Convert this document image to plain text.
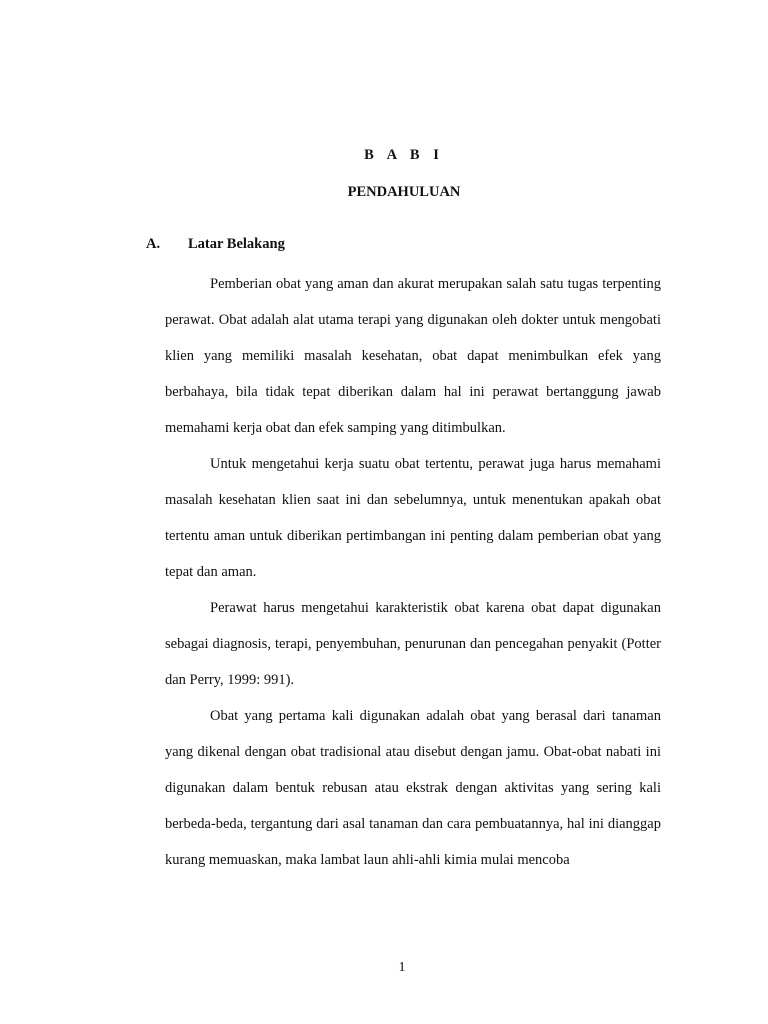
B A B I
PENDAHULUAN
A. Latar Belakang

Pemberian obat yang aman dan akurat merupakan salah satu tugas terpenting perawat. Obat adalah alat utama terapi yang digunakan oleh dokter untuk mengobati klien yang memiliki masalah kesehatan, obat dapat menimbulkan efek yang berbahaya, bila tidak tepat diberikan dalam hal ini perawat bertanggung jawab memahami kerja obat dan efek samping yang ditimbulkan.

Untuk mengetahui kerja suatu obat tertentu, perawat juga harus memahami masalah kesehatan klien saat ini dan sebelumnya, untuk menentukan apakah obat tertentu aman untuk diberikan pertimbangan ini penting dalam pemberian obat yang tepat dan aman.

Perawat harus mengetahui karakteristik obat karena obat dapat digunakan sebagai diagnosis, terapi, penyembuhan, penurunan dan pencegahan penyakit (Potter dan Perry, 1999: 991).

Obat yang pertama kali digunakan adalah obat yang berasal dari tanaman yang dikenal dengan obat tradisional atau disebut dengan jamu. Obat-obat nabati ini digunakan dalam bentuk rebusan atau ekstrak dengan aktivitas yang sering kali berbeda-beda, tergantung dari asal tanaman dan cara pembuatannya, hal ini dianggap kurang memuaskan, maka lambat laun ahli-ahli kimia mulai mencoba

1
